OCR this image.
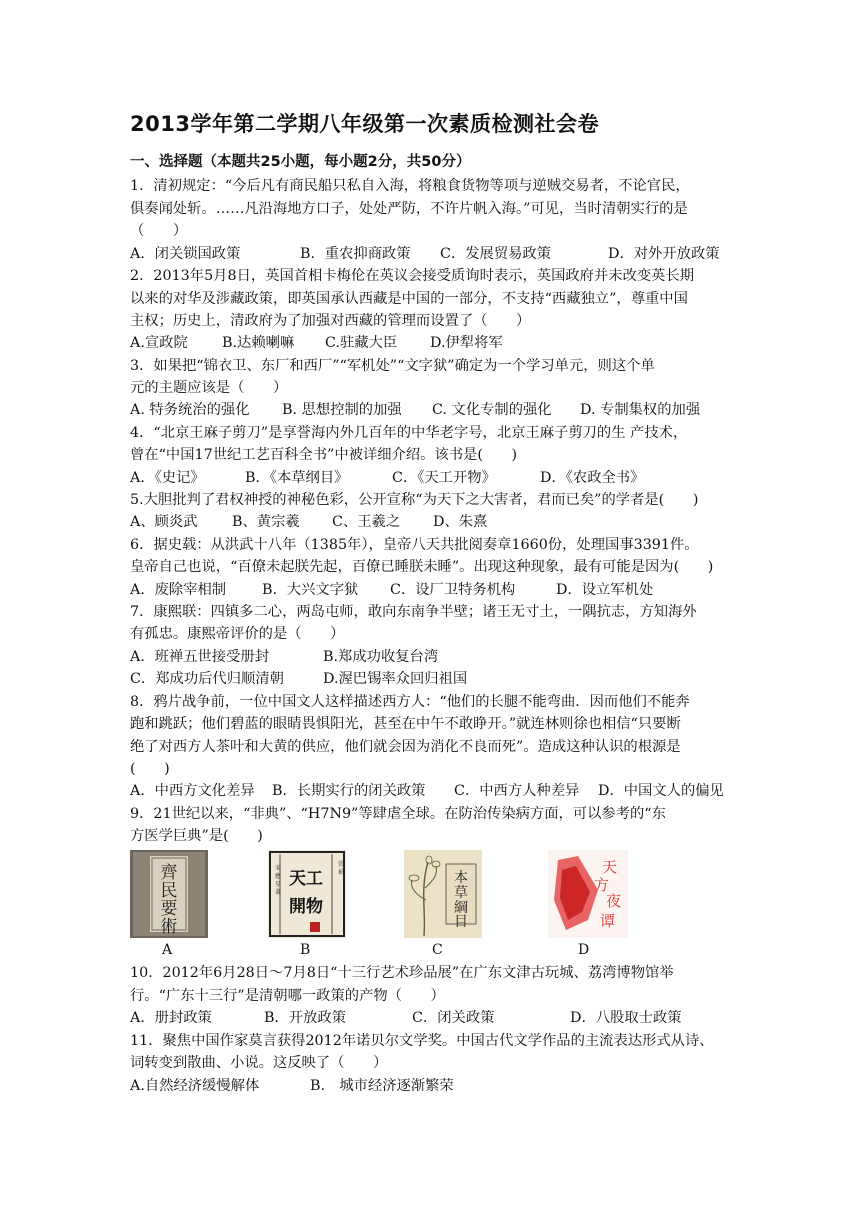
2013学年第二学期八年级第一次素质检测社会卷
一、选择题（本题共25小题，每小题2分，共50分）
1．清初规定：“今后凡有商民船只私自入海，将粮食货物等项与逆贼交易者，不论官民，
俱奏闻处斩。……凡沿海地方口子，处处严防，不许片帆入海。”可见，当时清朝实行的是
（　　）
A．闭关锁国政策	B．重农抑商政策 C．发展贸易政策	D．对外开放政策
2．2013年5月8日，英国首相卡梅伦在英议会接受质询时表示，英国政府并未改变英长期
以来的对华及涉藏政策，即英国承认西藏是中国的一部分，不支持“西藏独立”，尊重中国
主权；历史上，清政府为了加强对西藏的管理而设置了（　　）
A.宣政院 B.达赖喇嘛 C.驻藏大臣 D.伊犁将军
3．如果把“锦衣卫、东厂和西厂”“军机处”“文字狱”确定为一个学习单元，则这个单
元的主题应该是（　　）
A. 特务统治的强化 B. 思想控制的加强 C. 文化专制的强化 D. 专制集权的加强
4．“北京王麻子剪刀”是享誉海内外几百年的中华老字号，北京王麻子剪刀的生 产技术，
曾在“中国17世纪工艺百科全书”中被详细介绍。该书是(　　)
A．《史记》	B．《本草纲目》	C．《天工开物》	D．《农政全书》
5.大胆批判了君权神授的神秘色彩，公开宣称“为天下之大害者，君而已矣”的学者是(　　)
A、顾炎武 B、黄宗羲 C、王羲之 D、朱熹
6．据史载：从洪武十八年（1385年），皇帝八天共批阅奏章1660份，处理国事3391件。
皇帝自己也说，“百僚未起朕先起，百僚已睡朕未睡”。出现这种现象，最有可能是因为(　　)
A．废除宰相制	B．大兴文字狱 C．设厂卫特务机构	D．设立军机处
7．康熙联：四镇多二心，两岛屯师，敢向东南争半壁；诸王无寸土，一隅抗志，方知海外
有孤忠。康熙帝评价的是（　　）
A．班禅五世接受册封	B.郑成功收复台湾
C．郑成功后代归顺清朝	D.渥巴锡率众回归祖国
8．鸦片战争前，一位中国文人这样描述西方人：“他们的长腿不能弯曲．因而他们不能奔
跑和跳跃；他们碧蓝的眼睛畏惧阳光，甚至在中午不敢睁开。”就连林则徐也相信“只要断
绝了对西方人茶叶和大黄的供应，他们就会因为消化不良而死”。造成这种认识的根源是
(　　)
A．中西方文化差异 B．长期实行的闭关政策 C．中西方人种差异 D．中国文人的偏见
9．21世纪以来，“非典”、“H7N9”等肆虐全球。在防治传染病方面，可以参考的“东
方医学巨典”是(　　)
齊
民
要
術
宋
應
星
著
崇
禎
天工
開物
本
草
綱
目
天
方
夜
谭
A	B	C	D
10．2012年6月28日～7月8日“十三行艺术珍品展”在广东文津古玩城、荔湾博物馆举
行。“广东十三行”是清朝哪一政策的产物（　　）
A．册封政策	B．开放政策	C．闭关政策	D．八股取士政策
11．聚焦中国作家莫言获得2012年诺贝尔文学奖。中国古代文学作品的主流表达形式从诗、
词转变到散曲、小说。这反映了（　　）
A.自然经济缓慢解体	B.　城市经济逐渐繁荣
